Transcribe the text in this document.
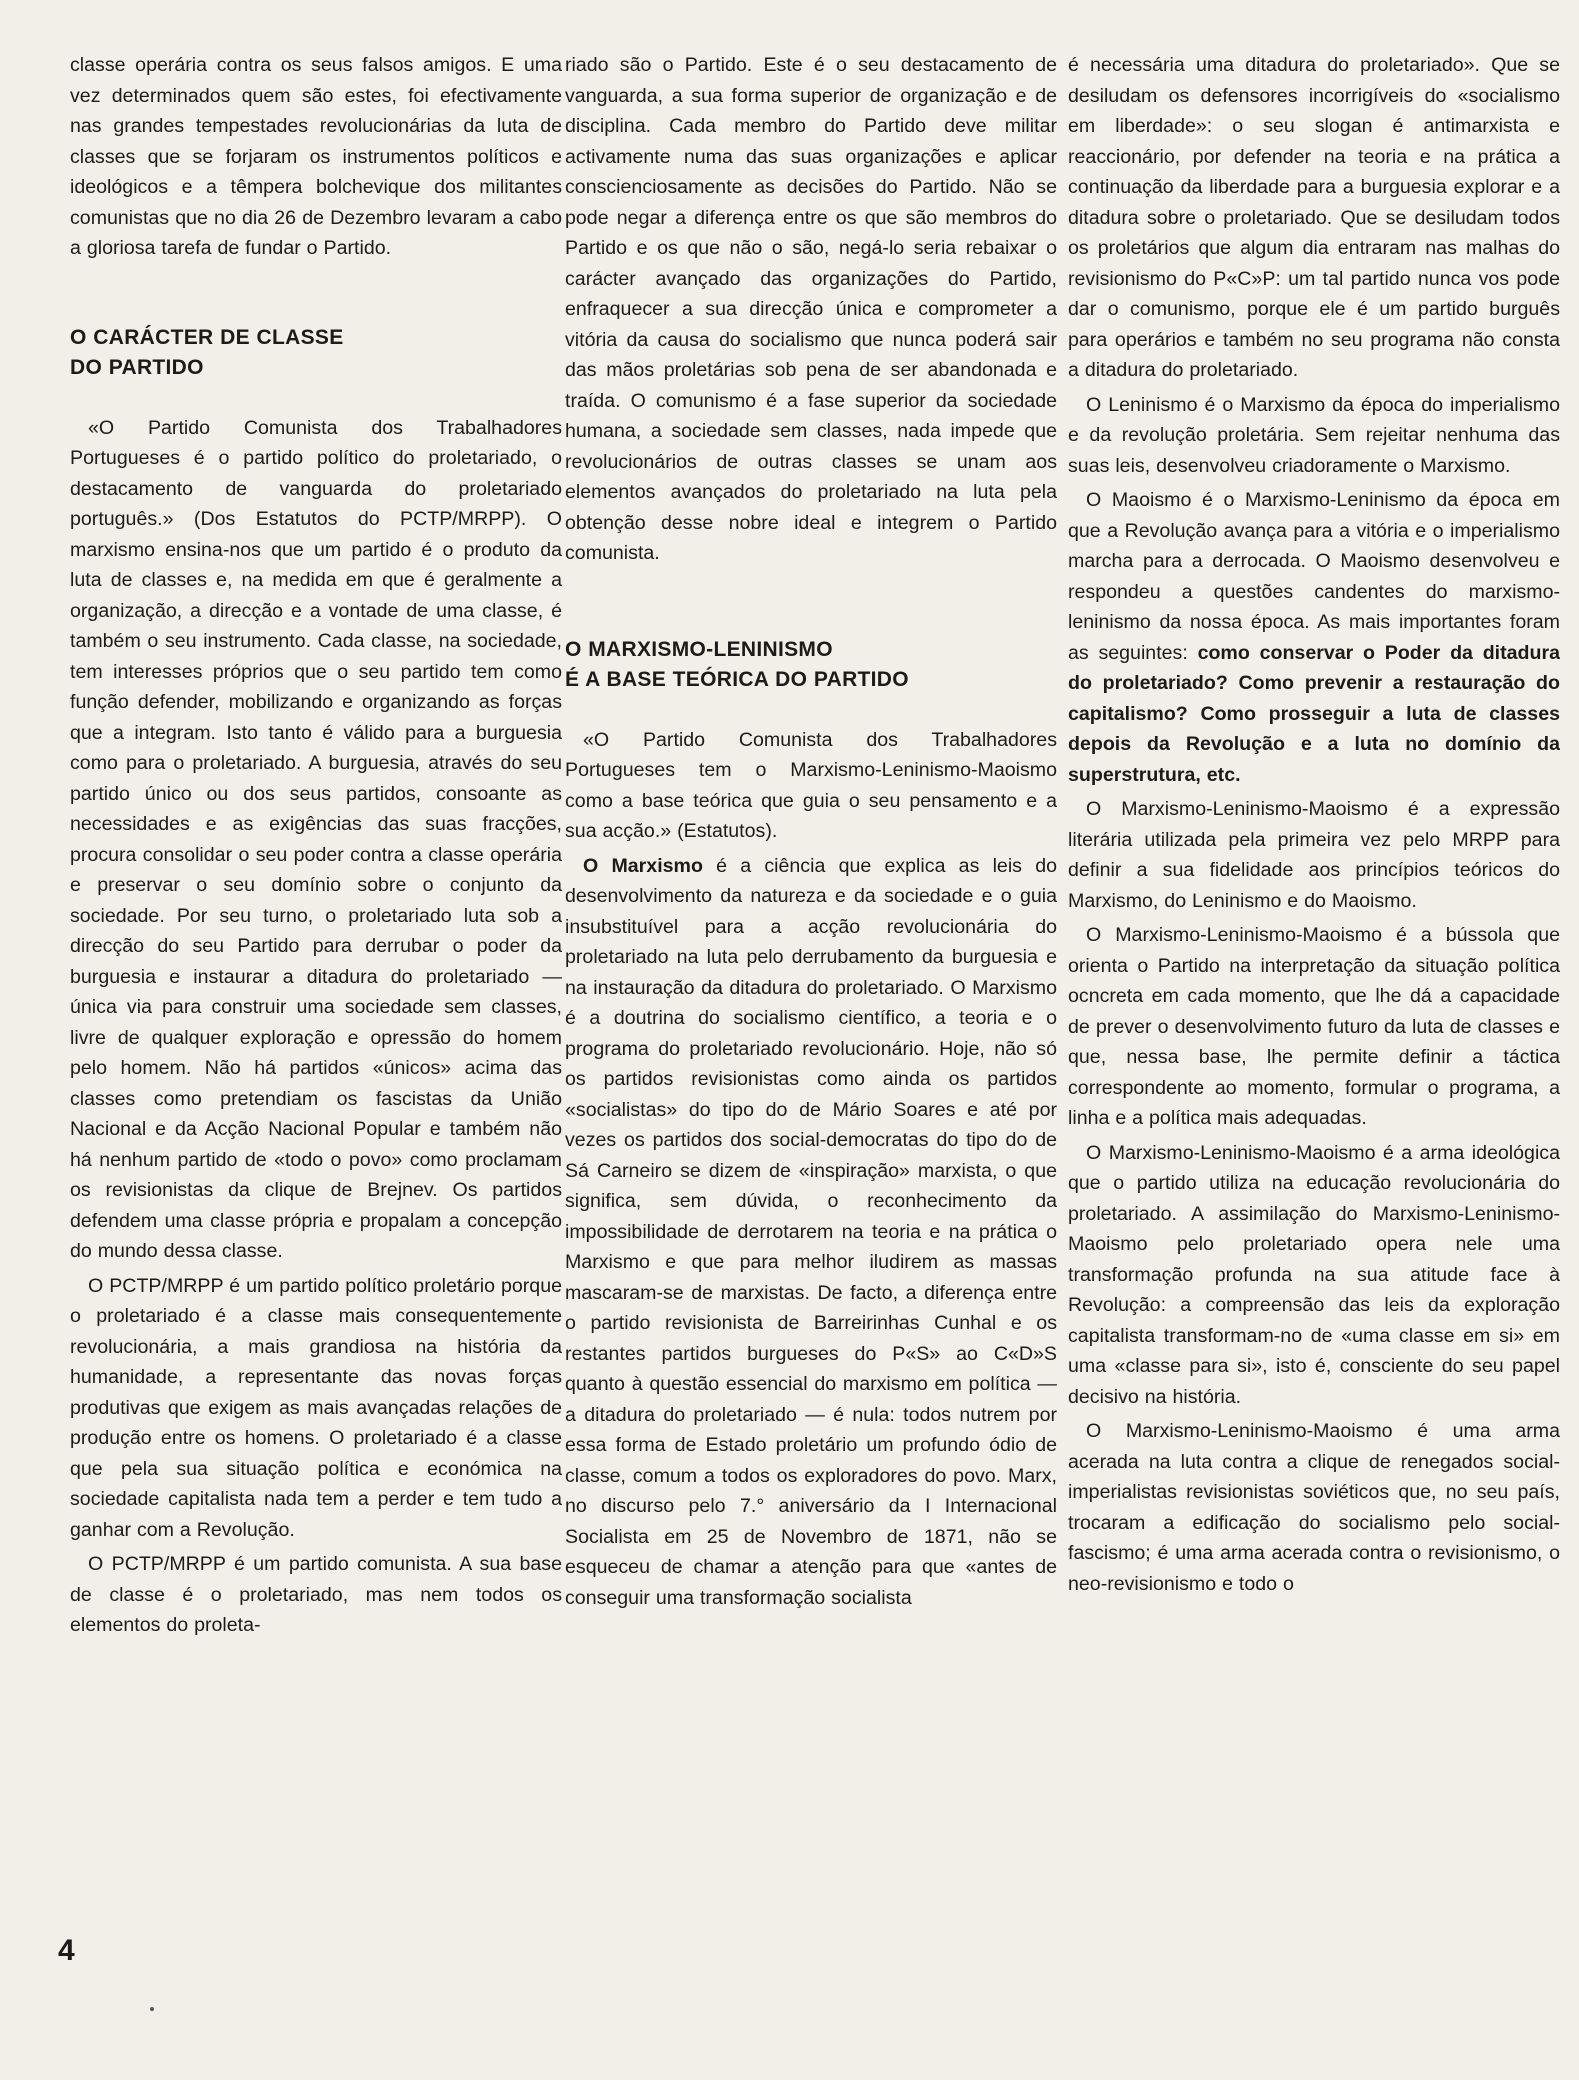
classe operária contra os seus falsos amigos. E uma vez determinados quem são estes, foi efectivamente nas grandes tempestades revolucionárias da luta de classes que se forjaram os instrumentos políticos e ideológicos e a têmpera bolchevique dos militantes comunistas que no dia 26 de Dezembro levaram a cabo a gloriosa tarefa de fundar o Partido.

O CARÁCTER DE CLASSE
DO PARTIDO

«O Partido Comunista dos Trabalhadores Portugueses é o partido político do proletariado, o destacamento de vanguarda do proletariado português.» (Dos Estatutos do PCTP/MRPP). O marxismo ensina-nos que um partido é o produto da luta de classes e, na medida em que é geralmente a organização, a direcção e a vontade de uma classe, é também o seu instrumento. Cada classe, na sociedade, tem interesses próprios que o seu partido tem como função defender, mobilizando e organizando as forças que a integram. Isto tanto é válido para a burguesia como para o proletariado. A burguesia, através do seu partido único ou dos seus partidos, consoante as necessidades e as exigências das suas fracções, procura consolidar o seu poder contra a classe operária e preservar o seu domínio sobre o conjunto da sociedade. Por seu turno, o proletariado luta sob a direcção do seu Partido para derrubar o poder da burguesia e instaurar a ditadura do proletariado — única via para construir uma sociedade sem classes, livre de qualquer exploração e opressão do homem pelo homem. Não há partidos «únicos» acima das classes como pretendiam os fascistas da União Nacional e da Acção Nacional Popular e também não há nenhum partido de «todo o povo» como proclamam os revisionistas da clique de Brejnev. Os partidos defendem uma classe própria e propalam a concepção do mundo dessa classe.

O PCTP/MRPP é um partido político proletário porque o proletariado é a classe mais consequentemente revolucionária, a mais grandiosa na história da humanidade, a representante das novas forças produtivas que exigem as mais avançadas relações de produção entre os homens. O proletariado é a classe que pela sua situação política e económica na sociedade capitalista nada tem a perder e tem tudo a ganhar com a Revolução.

O PCTP/MRPP é um partido comunista. A sua base de classe é o proletariado, mas nem todos os elementos do proleta-

riado são o Partido. Este é o seu destacamento de vanguarda, a sua forma superior de organização e de disciplina. Cada membro do Partido deve militar activamente numa das suas organizações e aplicar conscienciosamente as decisões do Partido. Não se pode negar a diferença entre os que são membros do Partido e os que não o são, negá-lo seria rebaixar o carácter avançado das organizações do Partido, enfraquecer a sua direcção única e comprometer a vitória da causa do socialismo que nunca poderá sair das mãos proletárias sob pena de ser abandonada e traída. O comunismo é a fase superior da sociedade humana, a sociedade sem classes, nada impede que revolucionários de outras classes se unam aos elementos avançados do proletariado na luta pela obtenção desse nobre ideal e integrem o Partido comunista.

O MARXISMO-LENINISMO
É A BASE TEÓRICA DO PARTIDO

«O Partido Comunista dos Trabalhadores Portugueses tem o Marxismo-Leninismo-Maoismo como a base teórica que guia o seu pensamento e a sua acção.» (Estatutos).

O Marxismo é a ciência que explica as leis do desenvolvimento da natureza e da sociedade e o guia insubstituível para a acção revolucionária do proletariado na luta pelo derrubamento da burguesia e na instauração da ditadura do proletariado. O Marxismo é a doutrina do socialismo científico, a teoria e o programa do proletariado revolucionário. Hoje, não só os partidos revisionistas como ainda os partidos «socialistas» do tipo do de Mário Soares e até por vezes os partidos dos social-democratas do tipo do de Sá Carneiro se dizem de «inspiração» marxista, o que significa, sem dúvida, o reconhecimento da impossibilidade de derrotarem na teoria e na prática o Marxismo e que para melhor iludirem as massas mascaram-se de marxistas. De facto, a diferença entre o partido revisionista de Barreirinhas Cunhal e os restantes partidos burgueses do P«S» ao C«D»S quanto à questão essencial do marxismo em política — a ditadura do proletariado — é nula: todos nutrem por essa forma de Estado proletário um profundo ódio de classe, comum a todos os exploradores do povo. Marx, no discurso pelo 7.° aniversário da I Internacional Socialista em 25 de Novembro de 1871, não se esqueceu de chamar a atenção para que «antes de conseguir uma transformação socialista

é necessária uma ditadura do proletariado». Que se desiludam os defensores incorrigíveis do «socialismo em liberdade»: o seu slogan é antimarxista e reaccionário, por defender na teoria e na prática a continuação da liberdade para a burguesia explorar e a ditadura sobre o proletariado. Que se desiludam todos os proletários que algum dia entraram nas malhas do revisionismo do P«C»P: um tal partido nunca vos pode dar o comunismo, porque ele é um partido burguês para operários e também no seu programa não consta a ditadura do proletariado.

O Leninismo é o Marxismo da época do imperialismo e da revolução proletária. Sem rejeitar nenhuma das suas leis, desenvolveu criadoramente o Marxismo.

O Maoismo é o Marxismo-Leninismo da época em que a Revolução avança para a vitória e o imperialismo marcha para a derrocada. O Maoismo desenvolveu e respondeu a questões candentes do marxismo-leninismo da nossa época. As mais importantes foram as seguintes: como conservar o Poder da ditadura do proletariado? Como prevenir a restauração do capitalismo? Como prosseguir a luta de classes depois da Revolução e a luta no domínio da superstrutura, etc.

O Marxismo-Leninismo-Maoismo é a expressão literária utilizada pela primeira vez pelo MRPP para definir a sua fidelidade aos princípios teóricos do Marxismo, do Leninismo e do Maoismo.

O Marxismo-Leninismo-Maoismo é a bússola que orienta o Partido na interpretação da situação política ocncreta em cada momento, que lhe dá a capacidade de prever o desenvolvimento futuro da luta de classes e que, nessa base, lhe permite definir a táctica correspondente ao momento, formular o programa, a linha e a política mais adequadas.

O Marxismo-Leninismo-Maoismo é a arma ideológica que o partido utiliza na educação revolucionária do proletariado. A assimilação do Marxismo-Leninismo-Maoismo pelo proletariado opera nele uma transformação profunda na sua atitude face à Revolução: a compreensão das leis da exploração capitalista transformam-no de «uma classe em si» em uma «classe para si», isto é, consciente do seu papel decisivo na história.

O Marxismo-Leninismo-Maoismo é uma arma acerada na luta contra a clique de renegados social-imperialistas revisionistas soviéticos que, no seu país, trocaram a edificação do socialismo pelo social-fascismo; é uma arma acerada contra o revisionismo, o neo-revisionismo e todo o

4
